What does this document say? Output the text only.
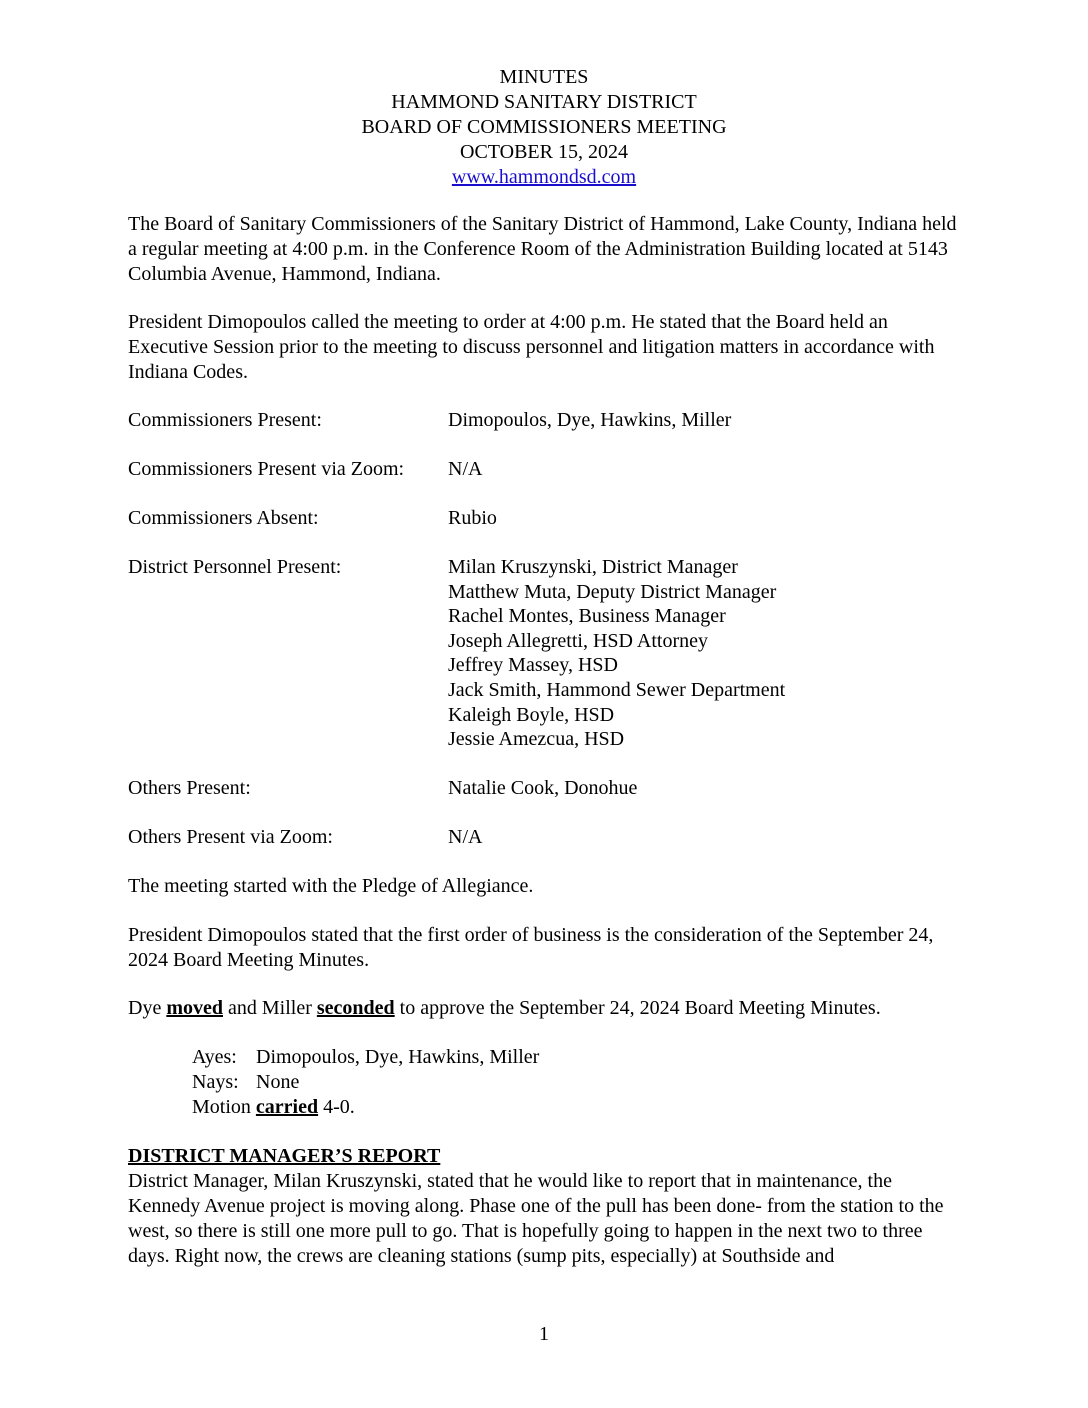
MINUTES
HAMMOND SANITARY DISTRICT
BOARD OF COMMISSIONERS MEETING
OCTOBER 15, 2024
www.hammondsd.com
The Board of Sanitary Commissioners of the Sanitary District of Hammond, Lake County, Indiana held a regular meeting at 4:00 p.m. in the Conference Room of the Administration Building located at 5143 Columbia Avenue, Hammond, Indiana.
President Dimopoulos called the meeting to order at 4:00 p.m. He stated that the Board held an Executive Session prior to the meeting to discuss personnel and litigation matters in accordance with Indiana Codes.
Commissioners Present:	Dimopoulos, Dye, Hawkins, Miller
Commissioners Present via Zoom: N/A
Commissioners Absent:	Rubio
District Personnel Present:	Milan Kruszynski, District Manager
Matthew Muta, Deputy District Manager
Rachel Montes, Business Manager
Joseph Allegretti, HSD Attorney
Jeffrey Massey, HSD
Jack Smith, Hammond Sewer Department
Kaleigh Boyle, HSD
Jessie Amezcua, HSD
Others Present:	Natalie Cook, Donohue
Others Present via Zoom:	N/A
The meeting started with the Pledge of Allegiance.
President Dimopoulos stated that the first order of business is the consideration of the September 24, 2024 Board Meeting Minutes.
Dye moved and Miller seconded to approve the September 24, 2024 Board Meeting Minutes.
Ayes: Dimopoulos, Dye, Hawkins, Miller
Nays: None
Motion carried 4-0.
DISTRICT MANAGER’S REPORT
District Manager, Milan Kruszynski, stated that he would like to report that in maintenance, the Kennedy Avenue project is moving along. Phase one of the pull has been done- from the station to the west, so there is still one more pull to go. That is hopefully going to happen in the next two to three days. Right now, the crews are cleaning stations (sump pits, especially) at Southside and
1
